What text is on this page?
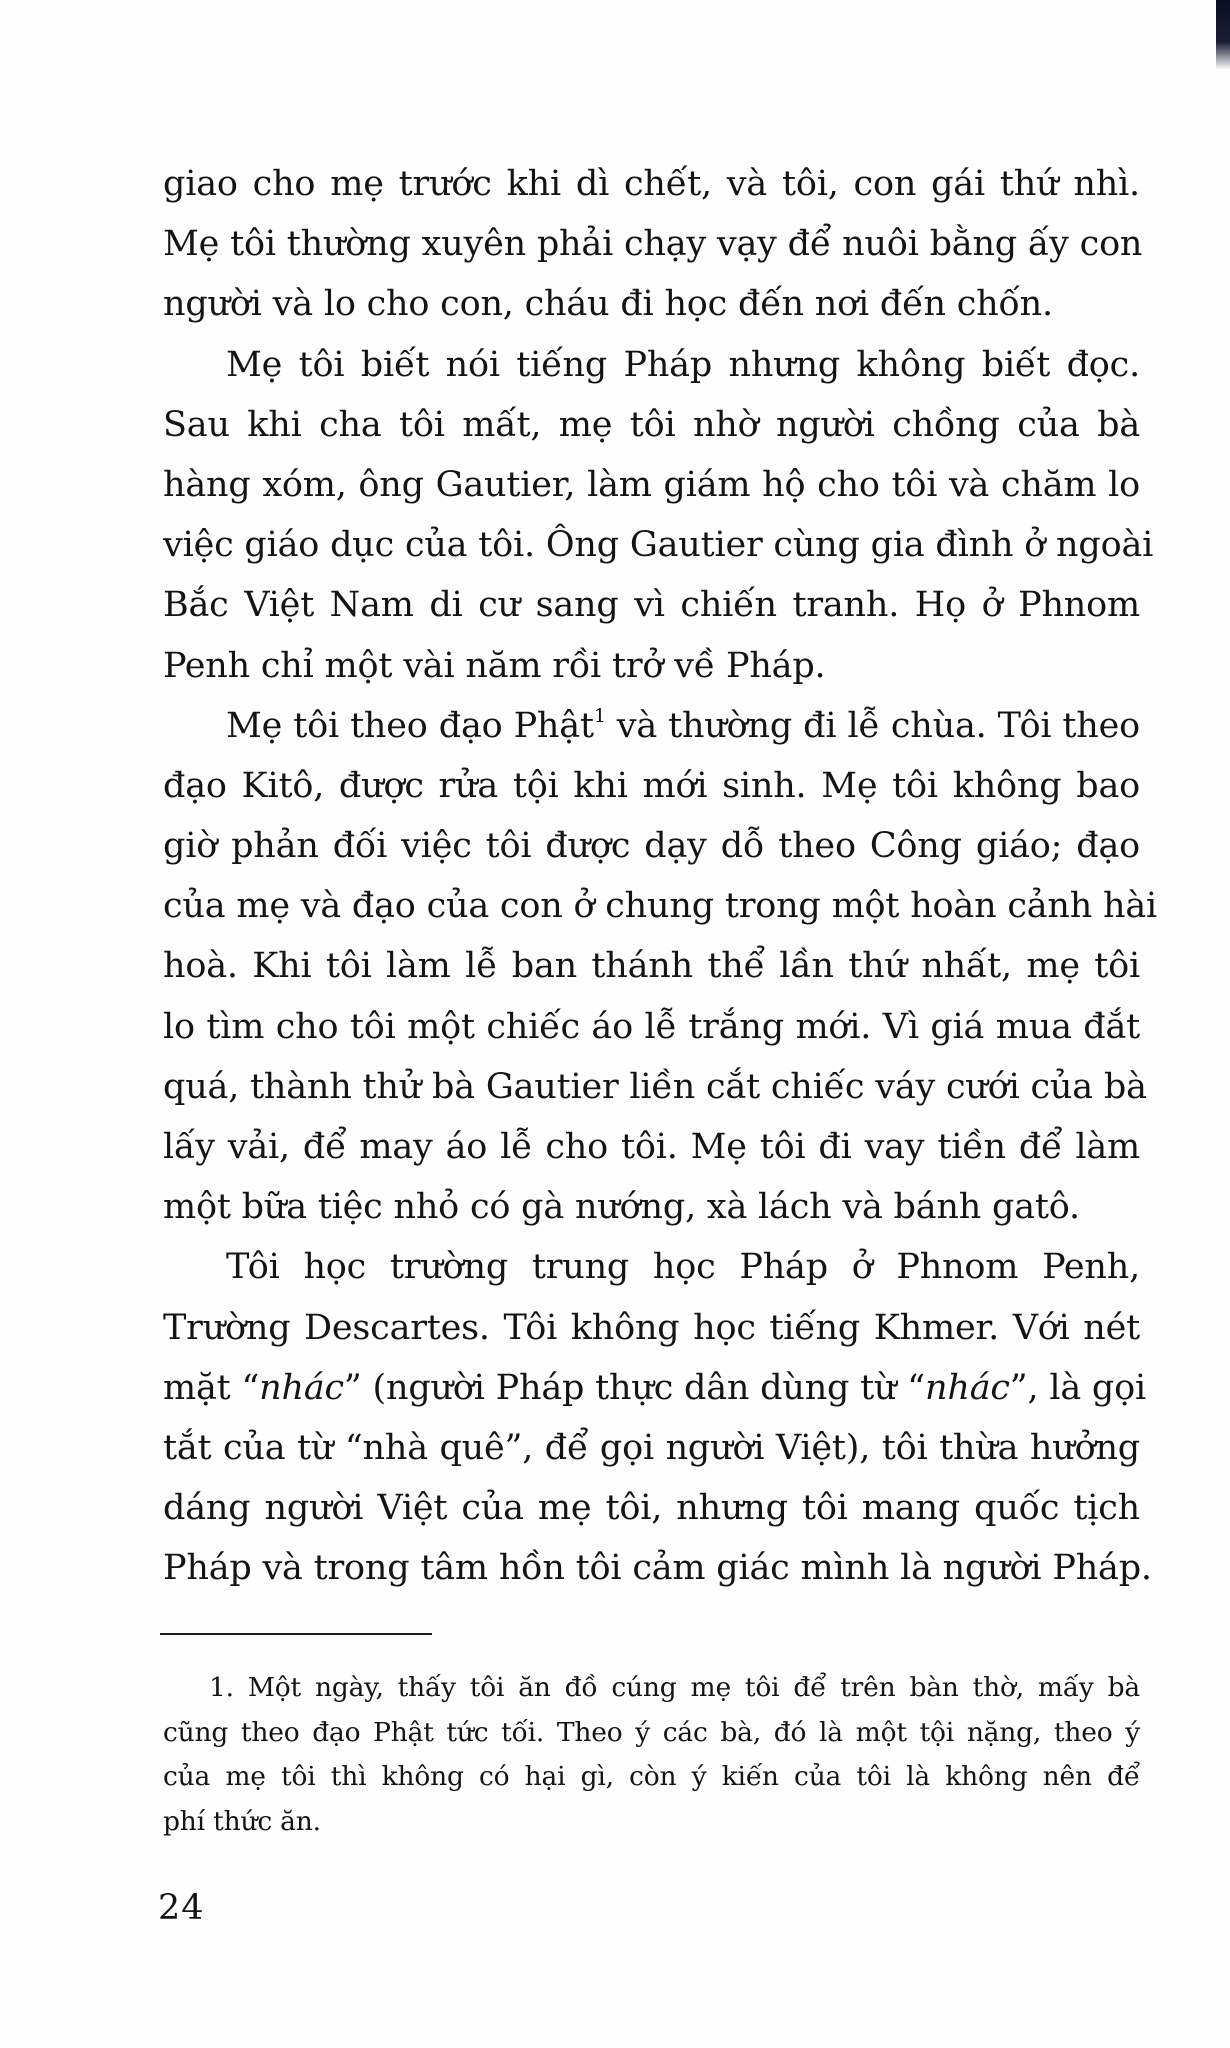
giao cho mẹ trước khi dì chết, và tôi, con gái thứ nhì.
Mẹ tôi thường xuyên phải chạy vạy để nuôi bằng ấy con
người và lo cho con, cháu đi học đến nơi đến chốn.
Mẹ tôi biết nói tiếng Pháp nhưng không biết đọc.
Sau khi cha tôi mất, mẹ tôi nhờ người chồng của bà
hàng xóm, ông Gautier, làm giám hộ cho tôi và chăm lo
việc giáo dục của tôi. Ông Gautier cùng gia đình ở ngoài
Bắc Việt Nam di cư sang vì chiến tranh. Họ ở Phnom
Penh chỉ một vài năm rồi trở về Pháp.
Mẹ tôi theo đạo Phật$^1$ và thường đi lễ chùa. Tôi theo
đạo Kitô, được rửa tội khi mới sinh. Mẹ tôi không bao
giờ phản đối việc tôi được dạy dỗ theo Công giáo; đạo
của mẹ và đạo của con ở chung trong một hoàn cảnh hài
hoà. Khi tôi làm lễ ban thánh thể lần thứ nhất, mẹ tôi
lo tìm cho tôi một chiếc áo lễ trắng mới. Vì giá mua đắt
quá, thành thử bà Gautier liền cắt chiếc váy cưới của bà
lấy vải, để may áo lễ cho tôi. Mẹ tôi đi vay tiền để làm
một bữa tiệc nhỏ có gà nướng, xà lách và bánh gatô.
Tôi học trường trung học Pháp ở Phnom Penh,
Trường Descartes. Tôi không học tiếng Khmer. Với nét
mặt “nhác” (người Pháp thực dân dùng từ “nhác”, là gọi
tắt của từ “nhà quê”, để gọi người Việt), tôi thừa hưởng
dáng người Việt của mẹ tôi, nhưng tôi mang quốc tịch
Pháp và trong tâm hồn tôi cảm giác mình là người Pháp.
1. Một ngày, thấy tôi ăn đồ cúng mẹ tôi để trên bàn thờ, mấy bà
cũng theo đạo Phật tức tối. Theo ý các bà, đó là một tội nặng, theo ý
của mẹ tôi thì không có hại gì, còn ý kiến của tôi là không nên để
phí thức ăn.
24
